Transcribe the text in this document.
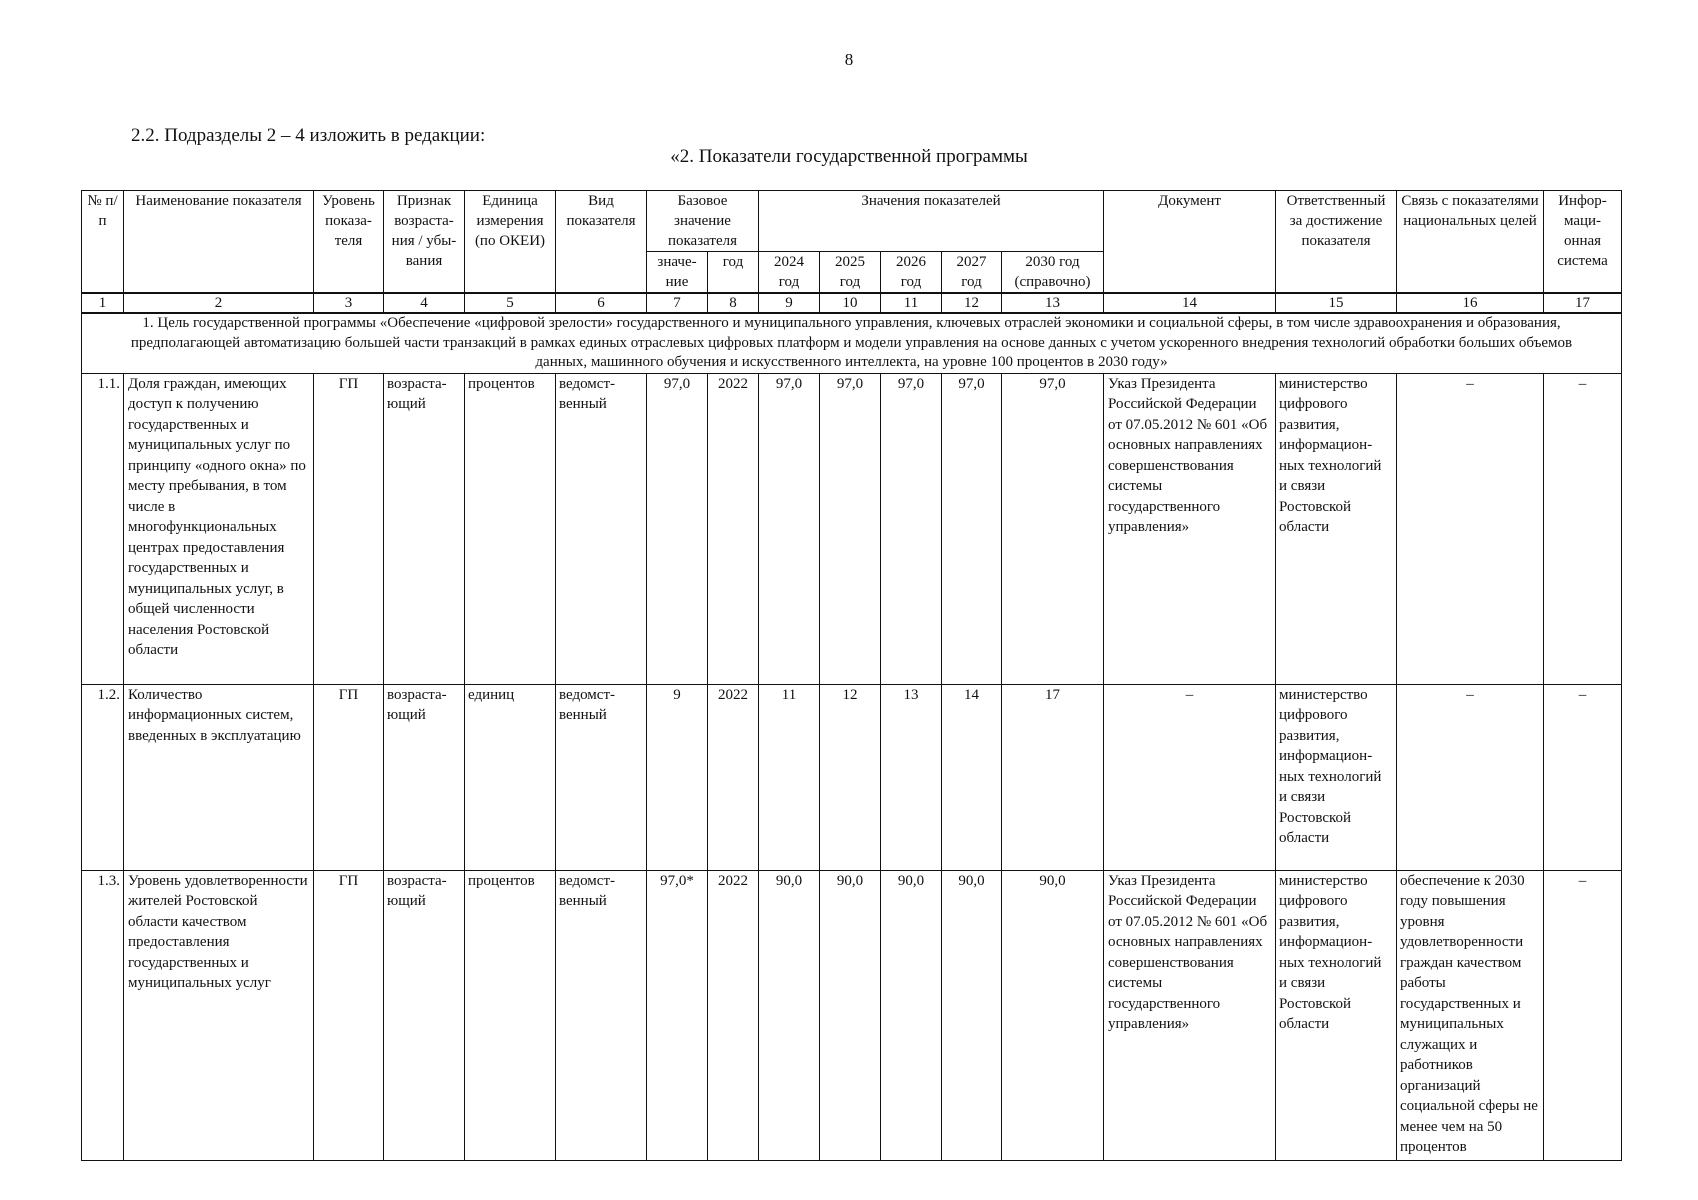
8
2.2. Подразделы 2 – 4 изложить в редакции:
«2. Показатели государственной программы
№ п/п	Наименование показателя	Уровень показа-теля	Признак возраста-ния / убы-вания	Единица измерения (по ОКЕИ)	Вид показателя	Базовое значение показателя		Значения показателей					Документ	Ответственный за достижение показателя	Связь с показателями национальных целей	Инфор-маци-онная система
						значе-ние	год	2024 год	2025 год	2026 год	2027 год	2030 год (справочно)				
1	2	3	4	5	6	7	8	9	10	11	12	13	14	15	16	17
1. Цель государственной программы «Обеспечение «цифровой зрелости» государственного и муниципального управления, ключевых отраслей экономики и социальной сферы, в том числе здравоохранения и образования, предполагающей автоматизацию большей части транзакций в рамках единых отраслевых цифровых платформ и модели управления на основе данных с учетом ускоренного внедрения технологий обработки больших объемов данных, машинного обучения и искусственного интеллекта, на уровне 100 процентов в 2030 году»																
1.1.	Доля граждан, имеющих доступ к получению государственных и муниципальных услуг по принципу «одного окна» по месту пребывания, в том числе в многофункциональных центрах предоставления государственных и муниципальных услуг, в общей численности населения Ростовской области	ГП	возраста-ющий	процентов	ведомст-венный	97,0	2022	97,0	97,0	97,0	97,0	97,0	Указ Президента Российской Федерации от 07.05.2012 № 601 «Об основных направлениях совершенствования системы государственного управления»	министерство цифрового развития, информацион-ных технологий и связи Ростовской области	–	–
1.2.	Количество информационных систем, введенных в эксплуатацию	ГП	возраста-ющий	единиц	ведомст-венный	9	2022	11	12	13	14	17	–	министерство цифрового развития, информацион-ных технологий и связи Ростовской области	–	–
1.3.	Уровень удовлетворенности жителей Ростовской области качеством предоставления государственных и муниципальных услуг	ГП	возраста-ющий	процентов	ведомст-венный	97,0*	2022	90,0	90,0	90,0	90,0	90,0	Указ Президента Российской Федерации от 07.05.2012 № 601 «Об основных направлениях совершенствования системы государственного управления»	министерство цифрового развития, информацион-ных технологий и связи Ростовской области	обеспечение к 2030 году повышения уровня удовлетворенности граждан качеством работы государственных и муниципальных служащих и работников организаций социальной сферы не менее чем на 50 процентов	–
